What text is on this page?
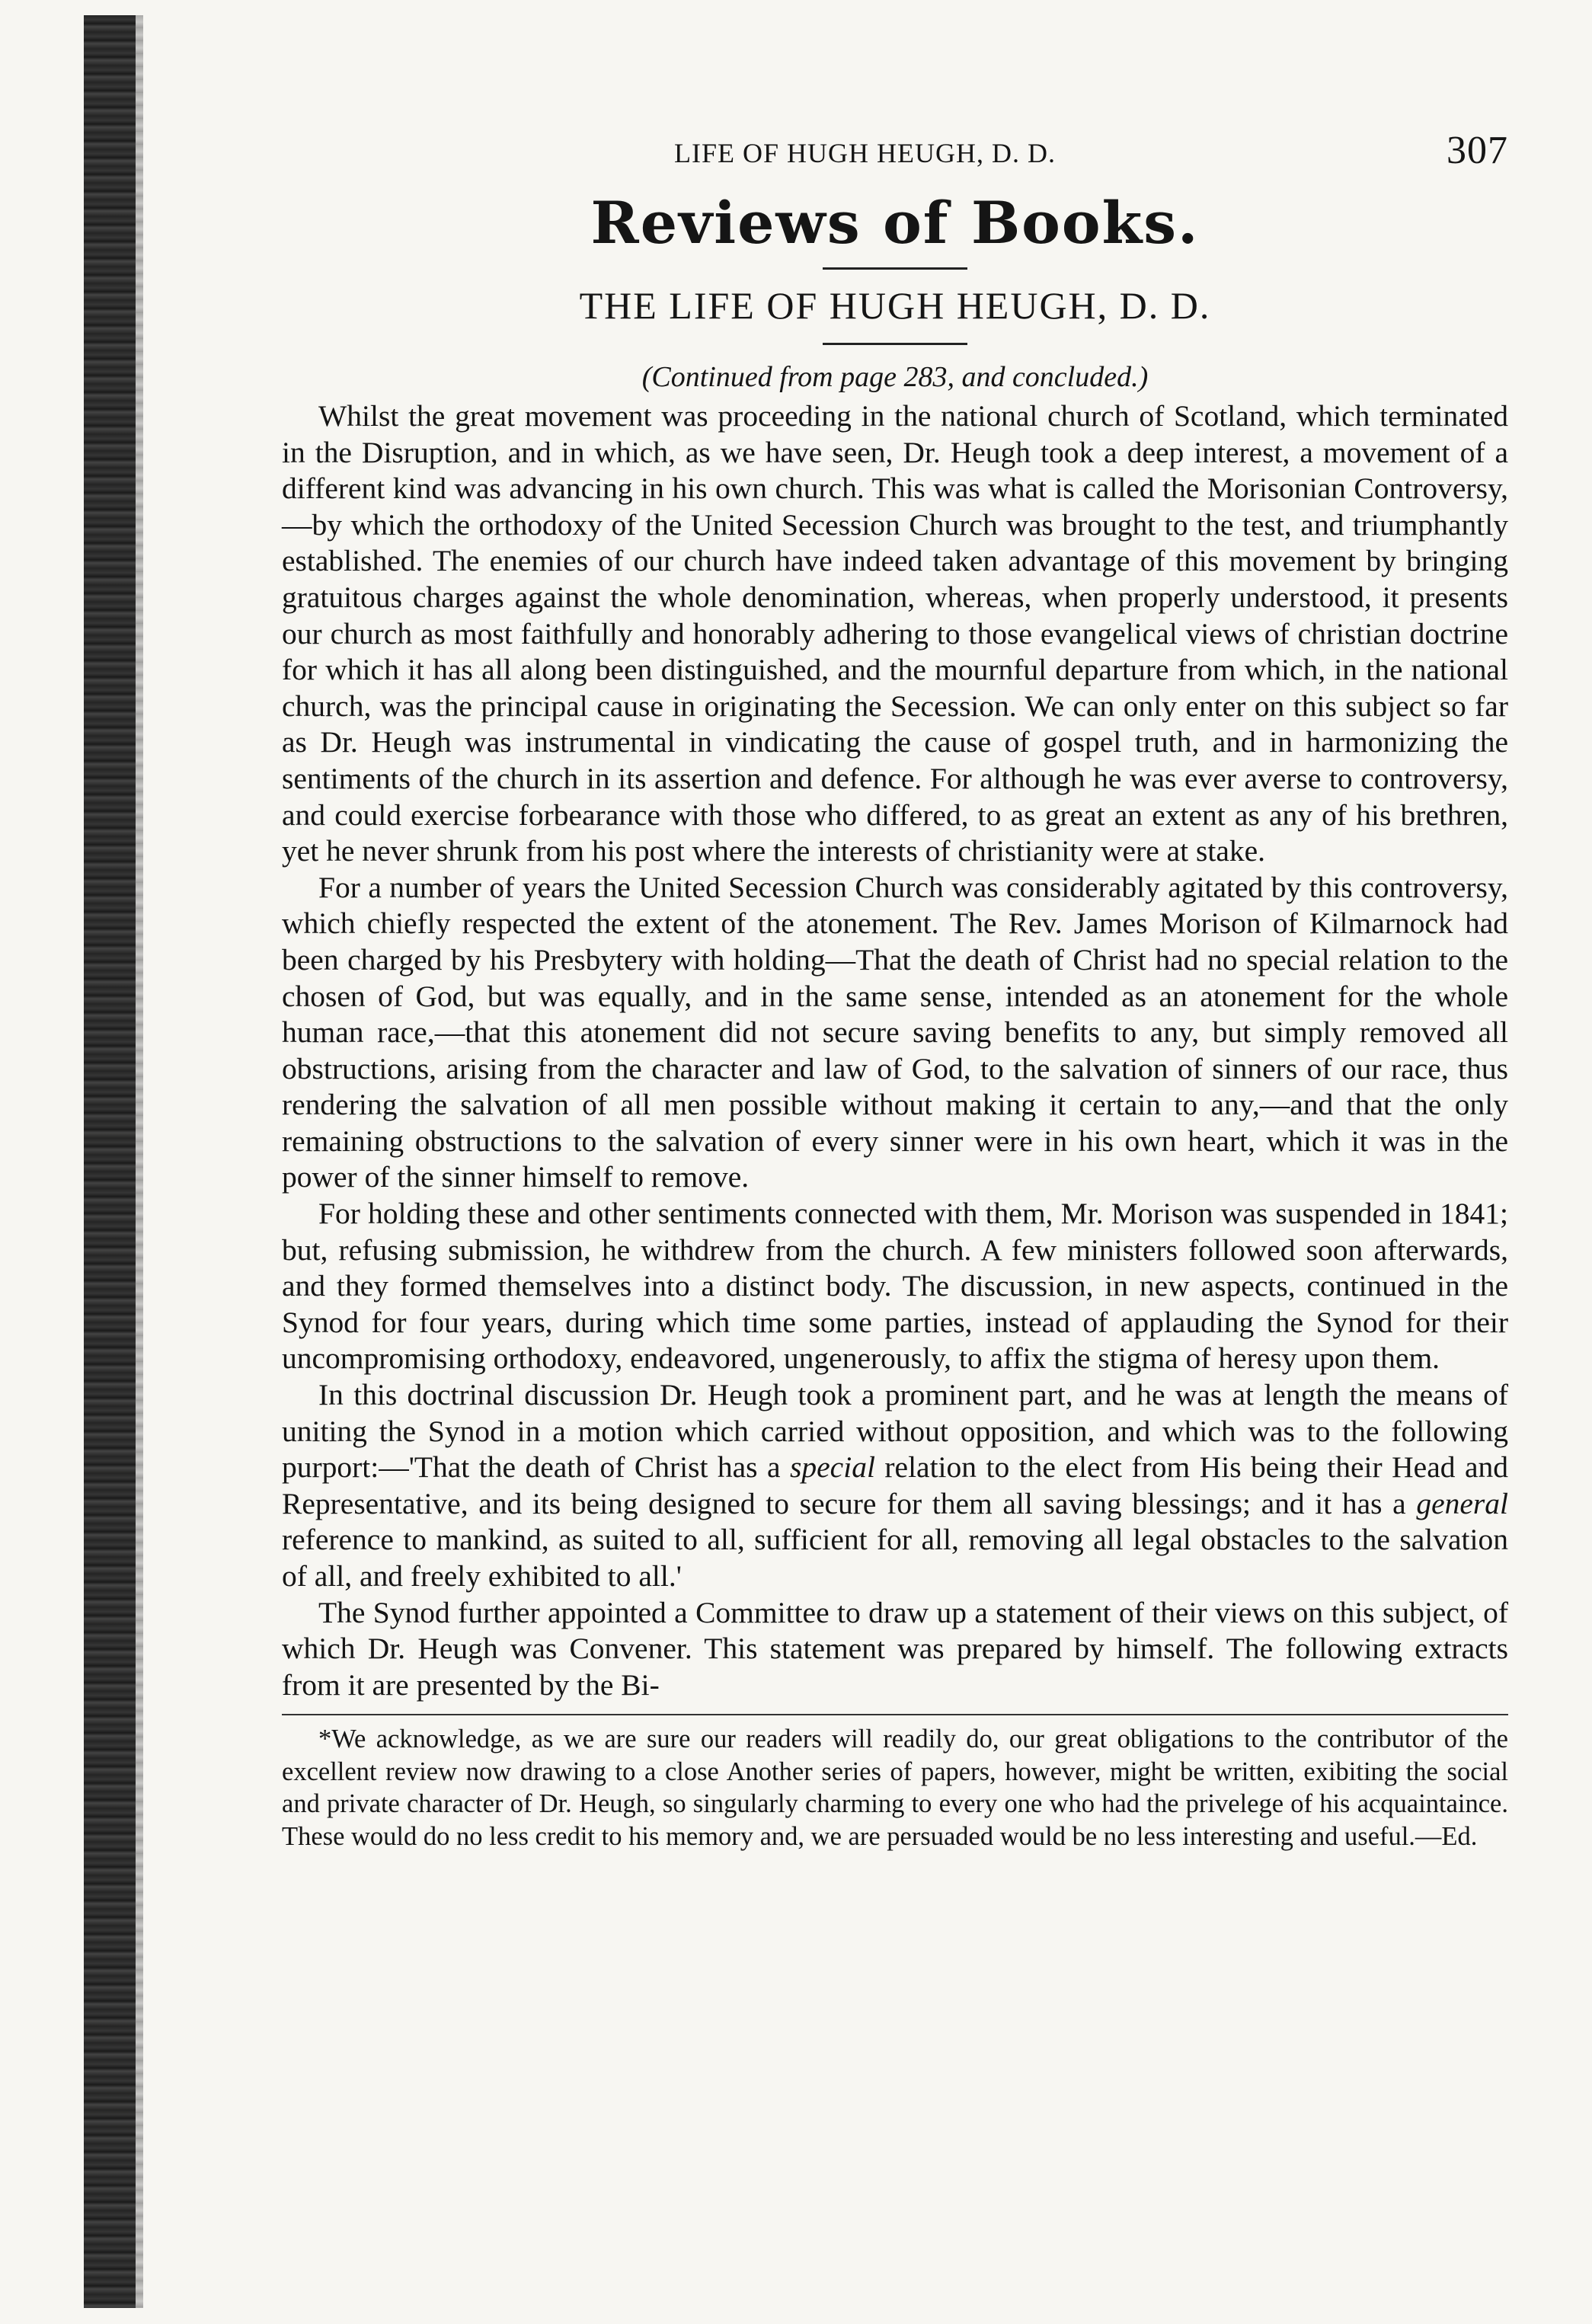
LIFE OF HUGH HEUGH, D. D.	307
Reviews of Books.
THE LIFE OF HUGH HEUGH, D. D.
(Continued from page 283, and concluded.)

Whilst the great movement was proceeding in the national church of Scotland, which terminated in the Disruption, and in which, as we have seen, Dr. Heugh took a deep interest, a movement of a different kind was advancing in his own church. This was what is called the Morisonian Controversy,—by which the orthodoxy of the United Secession Church was brought to the test, and triumphantly established. The enemies of our church have indeed taken advantage of this movement by bringing gratuitous charges against the whole denomination, whereas, when properly understood, it presents our church as most faithfully and honorably adhering to those evangelical views of christian doctrine for which it has all along been distinguished, and the mournful departure from which, in the national church, was the principal cause in originating the Secession. We can only enter on this subject so far as Dr. Heugh was instrumental in vindicating the cause of gospel truth, and in harmonizing the sentiments of the church in its assertion and defence. For although he was ever averse to controversy, and could exercise forbearance with those who differed, to as great an extent as any of his brethren, yet he never shrunk from his post where the interests of christianity were at stake.

For a number of years the United Secession Church was considerably agitated by this controversy, which chiefly respected the extent of the atonement. The Rev. James Morison of Kilmarnock had been charged by his Presbytery with holding—That the death of Christ had no special relation to the chosen of God, but was equally, and in the same sense, intended as an atonement for the whole human race,—that this atonement did not secure saving benefits to any, but simply removed all obstructions, arising from the character and law of God, to the salvation of sinners of our race, thus rendering the salvation of all men possible without making it certain to any,—and that the only remaining obstructions to the salvation of every sinner were in his own heart, which it was in the power of the sinner himself to remove.

For holding these and other sentiments connected with them, Mr. Morison was suspended in 1841; but, refusing submission, he withdrew from the church. A few ministers followed soon afterwards, and they formed themselves into a distinct body. The discussion, in new aspects, continued in the Synod for four years, during which time some parties, instead of applauding the Synod for their uncompromising orthodoxy, endeavored, ungenerously, to affix the stigma of heresy upon them.

In this doctrinal discussion Dr. Heugh took a prominent part, and he was at length the means of uniting the Synod in a motion which carried without opposition, and which was to the following purport:—'That the death of Christ has a special relation to the elect from His being their Head and Representative, and its being designed to secure for them all saving blessings; and it has a general reference to mankind, as suited to all, sufficient for all, removing all legal obstacles to the salvation of all, and freely exhibited to all.'

The Synod further appointed a Committee to draw up a statement of their views on this subject, of which Dr. Heugh was Convener. This statement was prepared by himself. The following extracts from it are presented by the Bi-

*We acknowledge, as we are sure our readers will readily do, our great obligations to the contributor of the excellent review now drawing to a close Another series of papers, however, might be written, exibiting the social and private character of Dr. Heugh, so singularly charming to every one who had the privelege of his acquaintaince. These would do no less credit to his memory and, we are persuaded would be no less interesting and useful.—Ed.
